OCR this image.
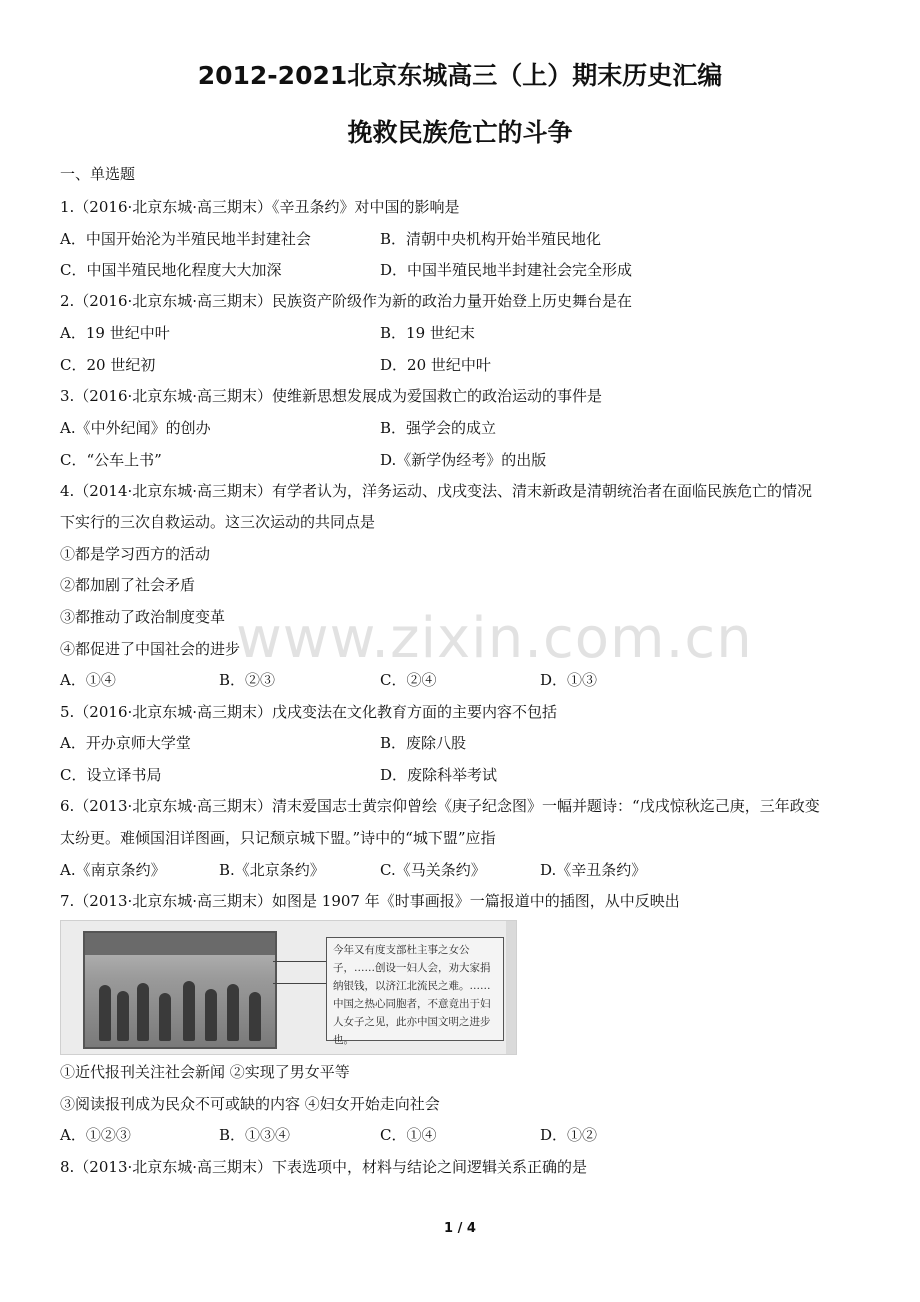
2012-2021北京东城高三（上）期末历史汇编
挽救民族危亡的斗争
一、单选题
1.（2016·北京东城·高三期末）《辛丑条约》对中国的影响是
A．中国开始沦为半殖民地半封建社会	B．清朝中央机构开始半殖民地化
C．中国半殖民地化程度大大加深	D．中国半殖民地半封建社会完全形成
2.（2016·北京东城·高三期末）民族资产阶级作为新的政治力量开始登上历史舞台是在
A．19 世纪中叶	B．19 世纪末
C．20 世纪初	D．20 世纪中叶
3.（2016·北京东城·高三期末）使维新思想发展成为爱国救亡的政治运动的事件是
A.《中外纪闻》的创办	B．强学会的成立
C．“公车上书”	D.《新学伪经考》的出版
4.（2014·北京东城·高三期末）有学者认为，洋务运动、戊戌变法、清末新政是清朝统治者在面临民族危亡的情况
下实行的三次自救运动。这三次运动的共同点是
①都是学习西方的活动
②都加剧了社会矛盾
③都推动了政治制度变革
④都促进了中国社会的进步
A．①④	B．②③	C．②④	D．①③
5.（2016·北京东城·高三期末）戊戌变法在文化教育方面的主要内容不包括
A．开办京师大学堂	B．废除八股
C．设立译书局	D．废除科举考试
6.（2013·北京东城·高三期末）清末爱国志士黄宗仰曾绘《庚子纪念图》一幅并题诗：“戊戌惊秋迄己庚，三年政变
太纷更。难倾国泪详图画，只记颓京城下盟。”诗中的“城下盟”应指
A.《南京条约》	B.《北京条约》	C.《马关条约》	D.《辛丑条约》
7.（2013·北京东城·高三期末）如图是 1907 年《时事画报》一篇报道中的插图，从中反映出
今年又有度支部杜主事之女公子，……创设一妇人会，劝大家捐纳银钱，以济江北流民之难。……中国之热心同胞者，不意竟出于妇人女子之见，此亦中国文明之进步也。
①近代报刊关注社会新闻 ②实现了男女平等
③阅读报刊成为民众不可或缺的内容 ④妇女开始走向社会
A．①②③	B．①③④	C．①④	D．①②
8.（2013·北京东城·高三期末）下表选项中，材料与结论之间逻辑关系正确的是
www.zixin.com.cn
1 / 4
